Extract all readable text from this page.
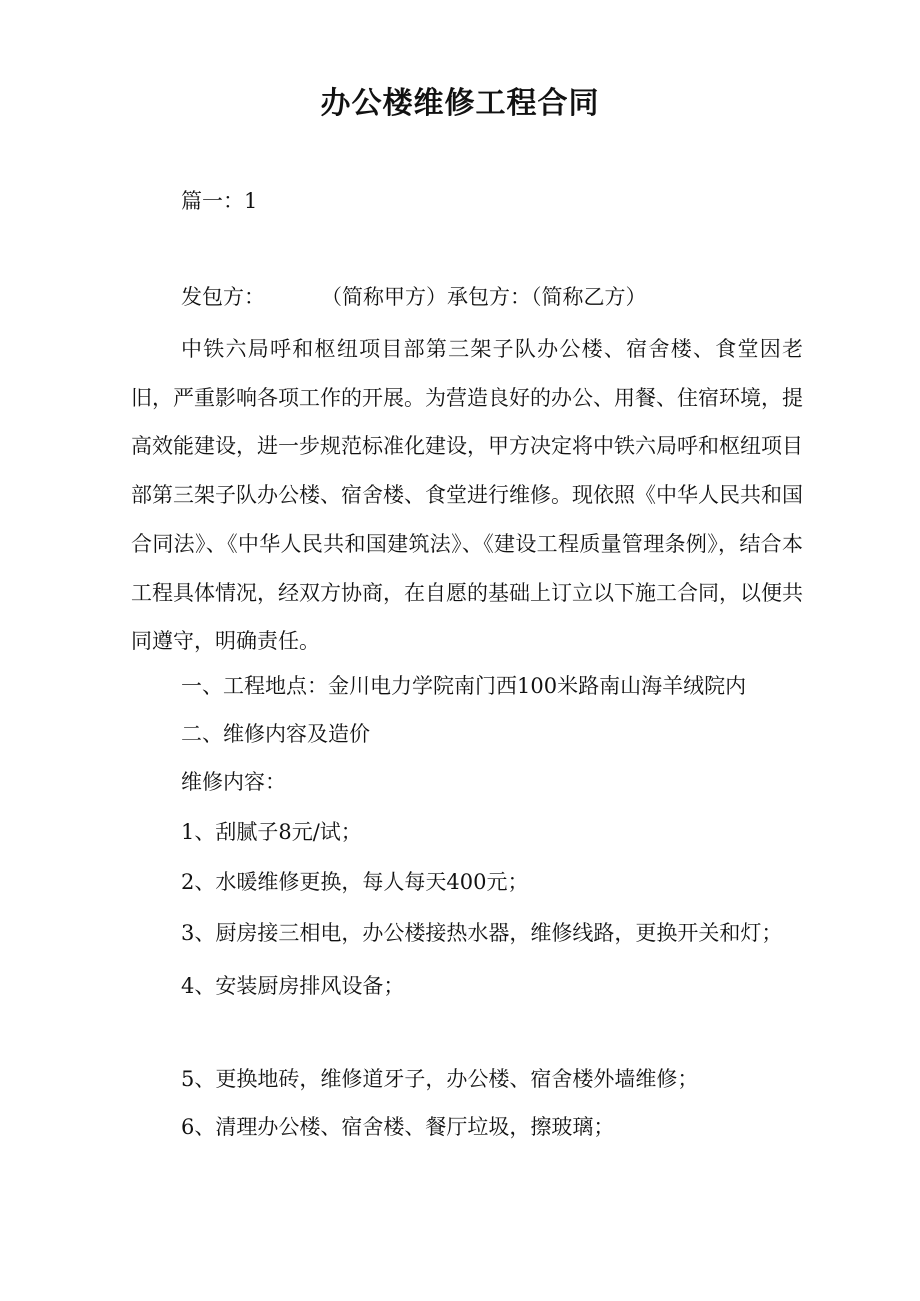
办公楼维修工程合同
篇一：1
发包方：	（简称甲方）承包方：（简称乙方）
中铁六局呼和枢纽项目部第三架子队办公楼、宿舍楼、食堂因老旧，严重影响各项工作的开展。为营造良好的办公、用餐、住宿环境，提高效能建设，进一步规范标准化建设，甲方决定将中铁六局呼和枢纽项目部第三架子队办公楼、宿舍楼、食堂进行维修。现依照《中华人民共和国合同法》、《中华人民共和国建筑法》、《建设工程质量管理条例》，结合本工程具体情况，经双方协商，在自愿的基础上订立以下施工合同，以便共同遵守，明确责任。
一、工程地点：金川电力学院南门西100米路南山海羊绒院内
二、维修内容及造价
维修内容：
1、刮腻子8元/试；
2、水暖维修更换，每人每天400元；
3、厨房接三相电，办公楼接热水器，维修线路，更换开关和灯；
4、安装厨房排风设备；
5、更换地砖，维修道牙子，办公楼、宿舍楼外墙维修；
6、清理办公楼、宿舍楼、餐厅垃圾，擦玻璃；
